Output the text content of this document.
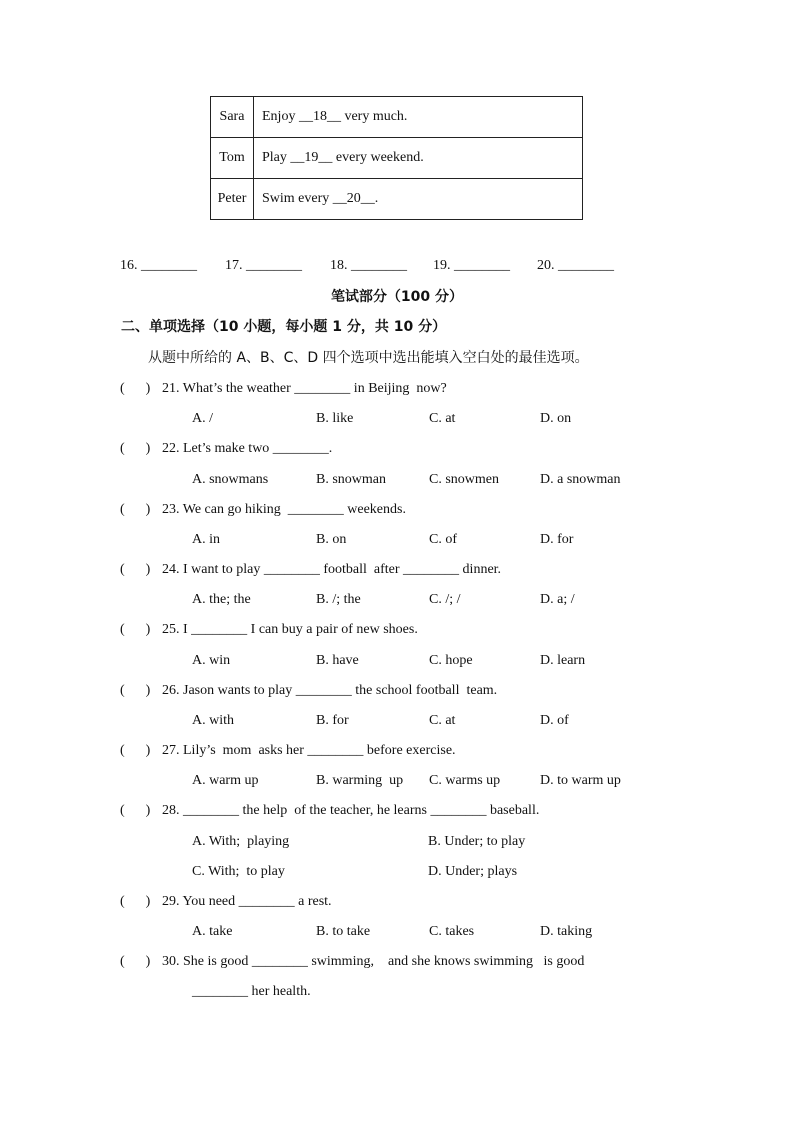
Sara	Enjoy __18__ very much.
Tom	Play __19__ every weekend.
Peter	Swim every __20__.
16. ________ 17. ________ 18. ________ 19. ________ 20. ________
笔试部分（100 分）
二、单项选择（10 小题，每小题 1 分，共 10 分）
从题中所给的 A、B、C、D 四个选项中选出能填入空白处的最佳选项。
(      ) 21. What’s the weather ________ in Beijing  now?
A. /	B. like	C. at	D. on
(      ) 22. Let’s make two ________.
A. snowmans	B. snowman	C. snowmen	D. a snowman
(      ) 23. We can go hiking  ________ weekends.
A. in	B. on	C. of	D. for
(      ) 24. I want to play ________ football  after ________ dinner.
A. the; the	B. /; the	C. /; /	D. a; /
(      ) 25. I ________ I can buy a pair of new shoes.
A. win	B. have	C. hope	D. learn
(      ) 26. Jason wants to play ________ the school football  team.
A. with	B. for	C. at	D. of
(      ) 27. Lily’s  mom  asks her ________ before exercise.
A. warm up	B. warming  up C. warms up	D. to warm up
(      ) 28. ________ the help  of the teacher, he learns ________ baseball.
A. With;  playing	B. Under; to play
C. With;  to play	D. Under; plays
(      ) 29. You need ________ a rest.
A. take	B. to take	C. takes	D. taking
(      ) 30. She is good ________ swimming,    and she knows swimming   is good
________ her health.
